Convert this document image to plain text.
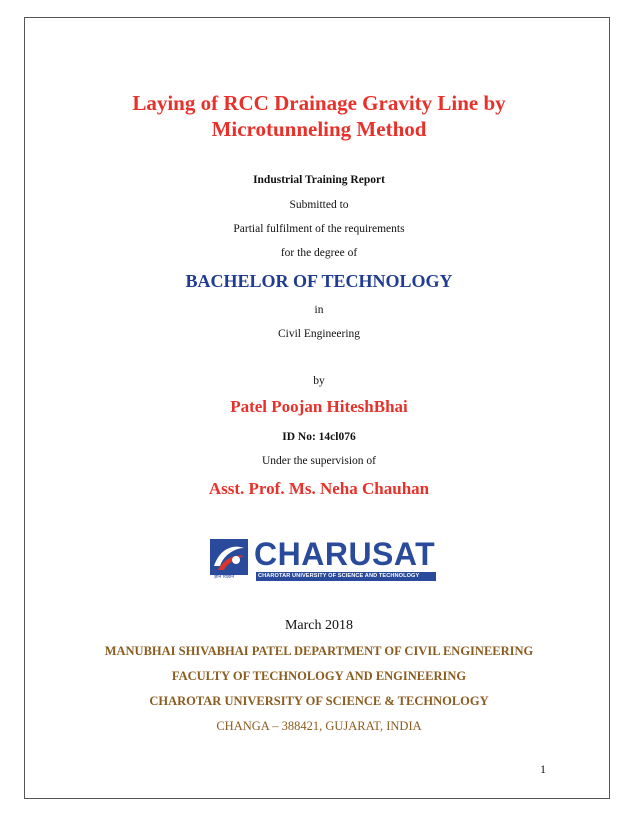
Laying of RCC Drainage Gravity Line by
Microtunneling Method
Industrial Training Report
Submitted to
Partial fulfilment of the requirements
for the degree of
BACHELOR OF TECHNOLOGY
in
Civil Engineering
by
Patel Poojan HiteshBhai
ID No: 14cl076
Under the supervision of
Asst. Prof. Ms. Neha Chauhan
ज्ञान विज्ञान
CHARUSAT
CHAROTAR UNIVERSITY OF SCIENCE AND TECHNOLOGY
March 2018
MANUBHAI SHIVABHAI PATEL DEPARTMENT OF CIVIL ENGINEERING
FACULTY OF TECHNOLOGY AND ENGINEERING
CHAROTAR UNIVERSITY OF SCIENCE & TECHNOLOGY
CHANGA – 388421, GUJARAT, INDIA
1
